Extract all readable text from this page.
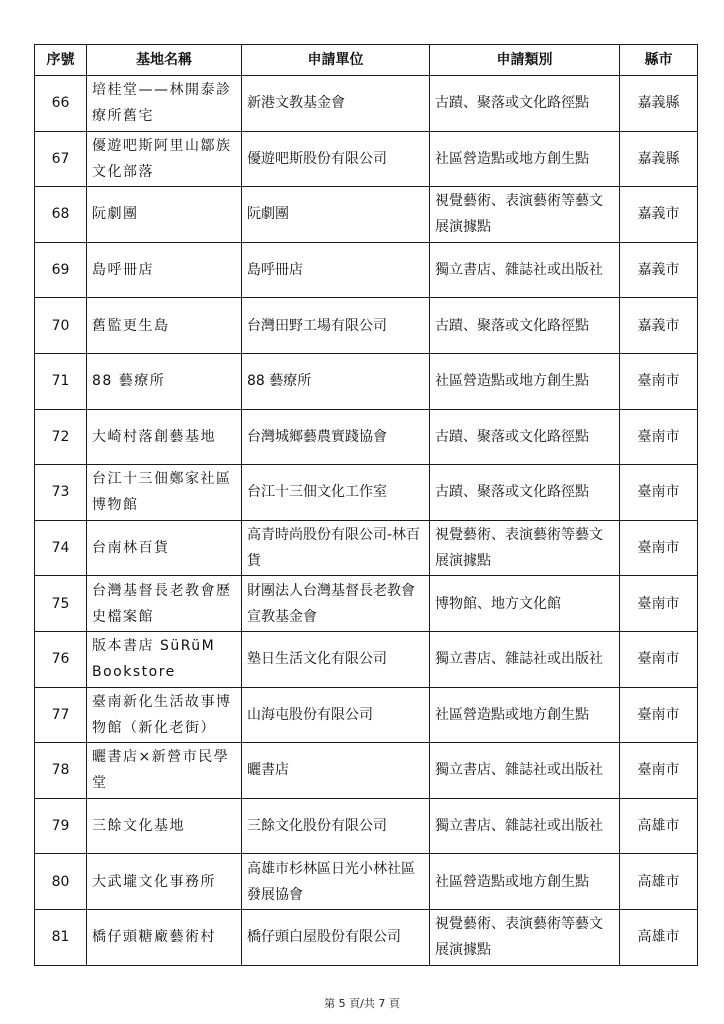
序號	基地名稱	申請單位	申請類別	縣市
66	培桂堂——林開泰診療所舊宅	新港文教基金會	古蹟、聚落或文化路徑點	嘉義縣
67	優遊吧斯阿里山鄒族文化部落	優遊吧斯股份有限公司	社區營造點或地方創生點	嘉義縣
68	阮劇團	阮劇團	視覺藝術、表演藝術等藝文展演據點	嘉義市
69	島呼冊店	島呼冊店	獨立書店、雜誌社或出版社	嘉義市
70	舊監更生島	台灣田野工場有限公司	古蹟、聚落或文化路徑點	嘉義市
71	88 藝療所	88 藝療所	社區營造點或地方創生點	臺南市
72	大崎村落創藝基地	台灣城鄉藝農實踐協會	古蹟、聚落或文化路徑點	臺南市
73	台江十三佃鄭家社區博物館	台江十三佃文化工作室	古蹟、聚落或文化路徑點	臺南市
74	台南林百貨	高青時尚股份有限公司-林百貨	視覺藝術、表演藝術等藝文展演據點	臺南市
75	台灣基督長老教會歷史檔案館	財團法人台灣基督長老教會宣教基金會	博物館、地方文化館	臺南市
76	版本書店 SüRüM Bookstore	塾日生活文化有限公司	獨立書店、雜誌社或出版社	臺南市
77	臺南新化生活故事博物館（新化老街）	山海屯股份有限公司	社區營造點或地方創生點	臺南市
78	曬書店×新營市民學堂	曬書店	獨立書店、雜誌社或出版社	臺南市
79	三餘文化基地	三餘文化股份有限公司	獨立書店、雜誌社或出版社	高雄市
80	大武壠文化事務所	高雄市杉林區日光小林社區發展協會	社區營造點或地方創生點	高雄市
81	橋仔頭糖廠藝術村	橋仔頭白屋股份有限公司	視覺藝術、表演藝術等藝文展演據點	高雄市
第 5 頁/共 7 頁
